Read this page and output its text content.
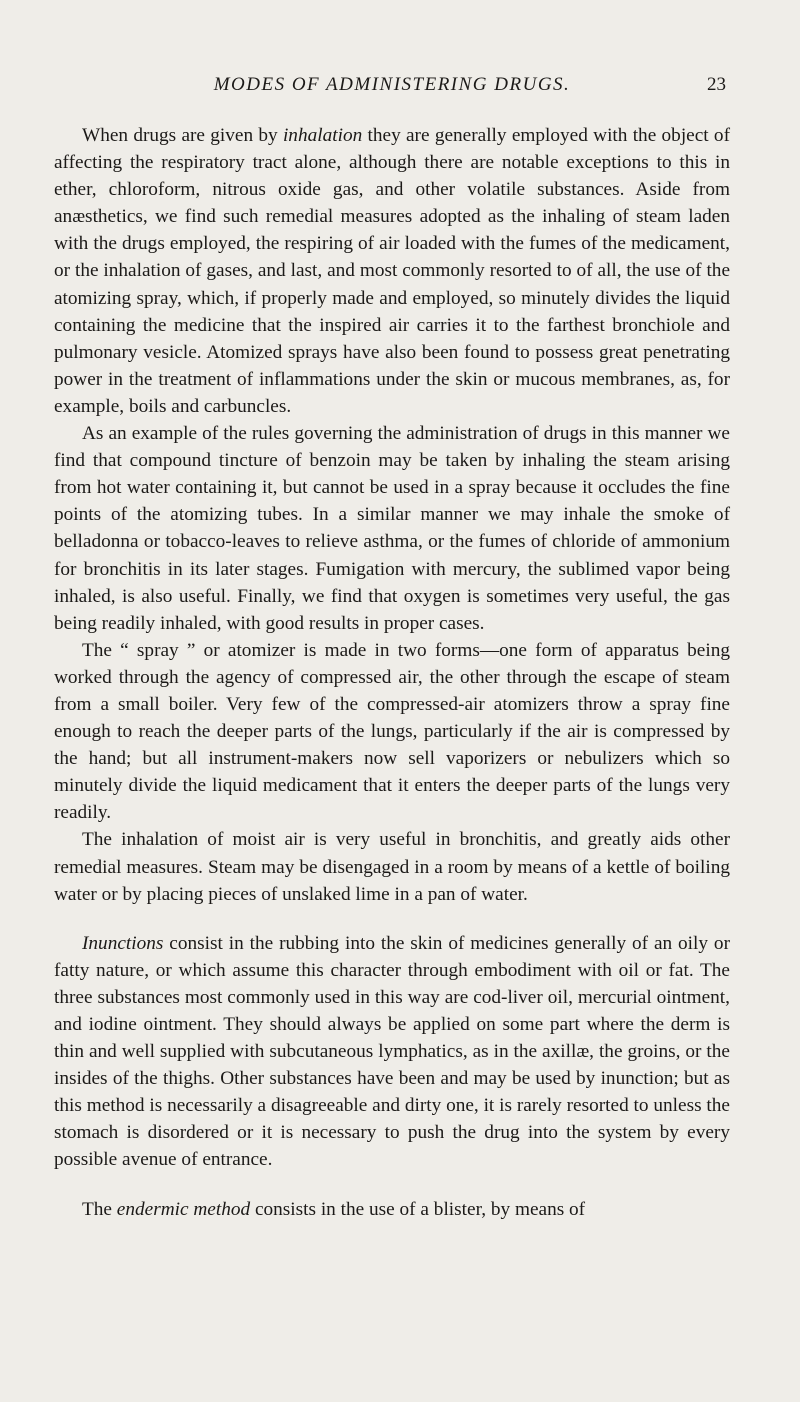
MODES OF ADMINISTERING DRUGS.	23

When drugs are given by inhalation they are generally employed with the object of affecting the respiratory tract alone, although there are notable exceptions to this in ether, chloroform, nitrous oxide gas, and other volatile substances. Aside from anæsthetics, we find such remedial measures adopted as the inhaling of steam laden with the drugs employed, the respiring of air loaded with the fumes of the medicament, or the inhalation of gases, and last, and most commonly resorted to of all, the use of the atomizing spray, which, if properly made and employed, so minutely divides the liquid containing the medicine that the inspired air carries it to the farthest bronchiole and pulmonary vesicle. Atomized sprays have also been found to possess great penetrating power in the treatment of inflammations under the skin or mucous membranes, as, for example, boils and carbuncles.

As an example of the rules governing the administration of drugs in this manner we find that compound tincture of benzoin may be taken by inhaling the steam arising from hot water containing it, but cannot be used in a spray because it occludes the fine points of the atomizing tubes. In a similar manner we may inhale the smoke of belladonna or tobacco-leaves to relieve asthma, or the fumes of chloride of ammonium for bronchitis in its later stages. Fumigation with mercury, the sublimed vapor being inhaled, is also useful. Finally, we find that oxygen is sometimes very useful, the gas being readily inhaled, with good results in proper cases.

The “ spray ” or atomizer is made in two forms—one form of apparatus being worked through the agency of compressed air, the other through the escape of steam from a small boiler. Very few of the compressed-air atomizers throw a spray fine enough to reach the deeper parts of the lungs, particularly if the air is compressed by the hand; but all instrument-makers now sell vaporizers or nebulizers which so minutely divide the liquid medicament that it enters the deeper parts of the lungs very readily.

The inhalation of moist air is very useful in bronchitis, and greatly aids other remedial measures. Steam may be disengaged in a room by means of a kettle of boiling water or by placing pieces of unslaked lime in a pan of water.

Inunctions consist in the rubbing into the skin of medicines generally of an oily or fatty nature, or which assume this character through embodiment with oil or fat. The three substances most commonly used in this way are cod-liver oil, mercurial ointment, and iodine ointment. They should always be applied on some part where the derm is thin and well supplied with subcutaneous lymphatics, as in the axillæ, the groins, or the insides of the thighs. Other substances have been and may be used by inunction; but as this method is necessarily a disagreeable and dirty one, it is rarely resorted to unless the stomach is disordered or it is necessary to push the drug into the system by every possible avenue of entrance.

The endermic method consists in the use of a blister, by means of
